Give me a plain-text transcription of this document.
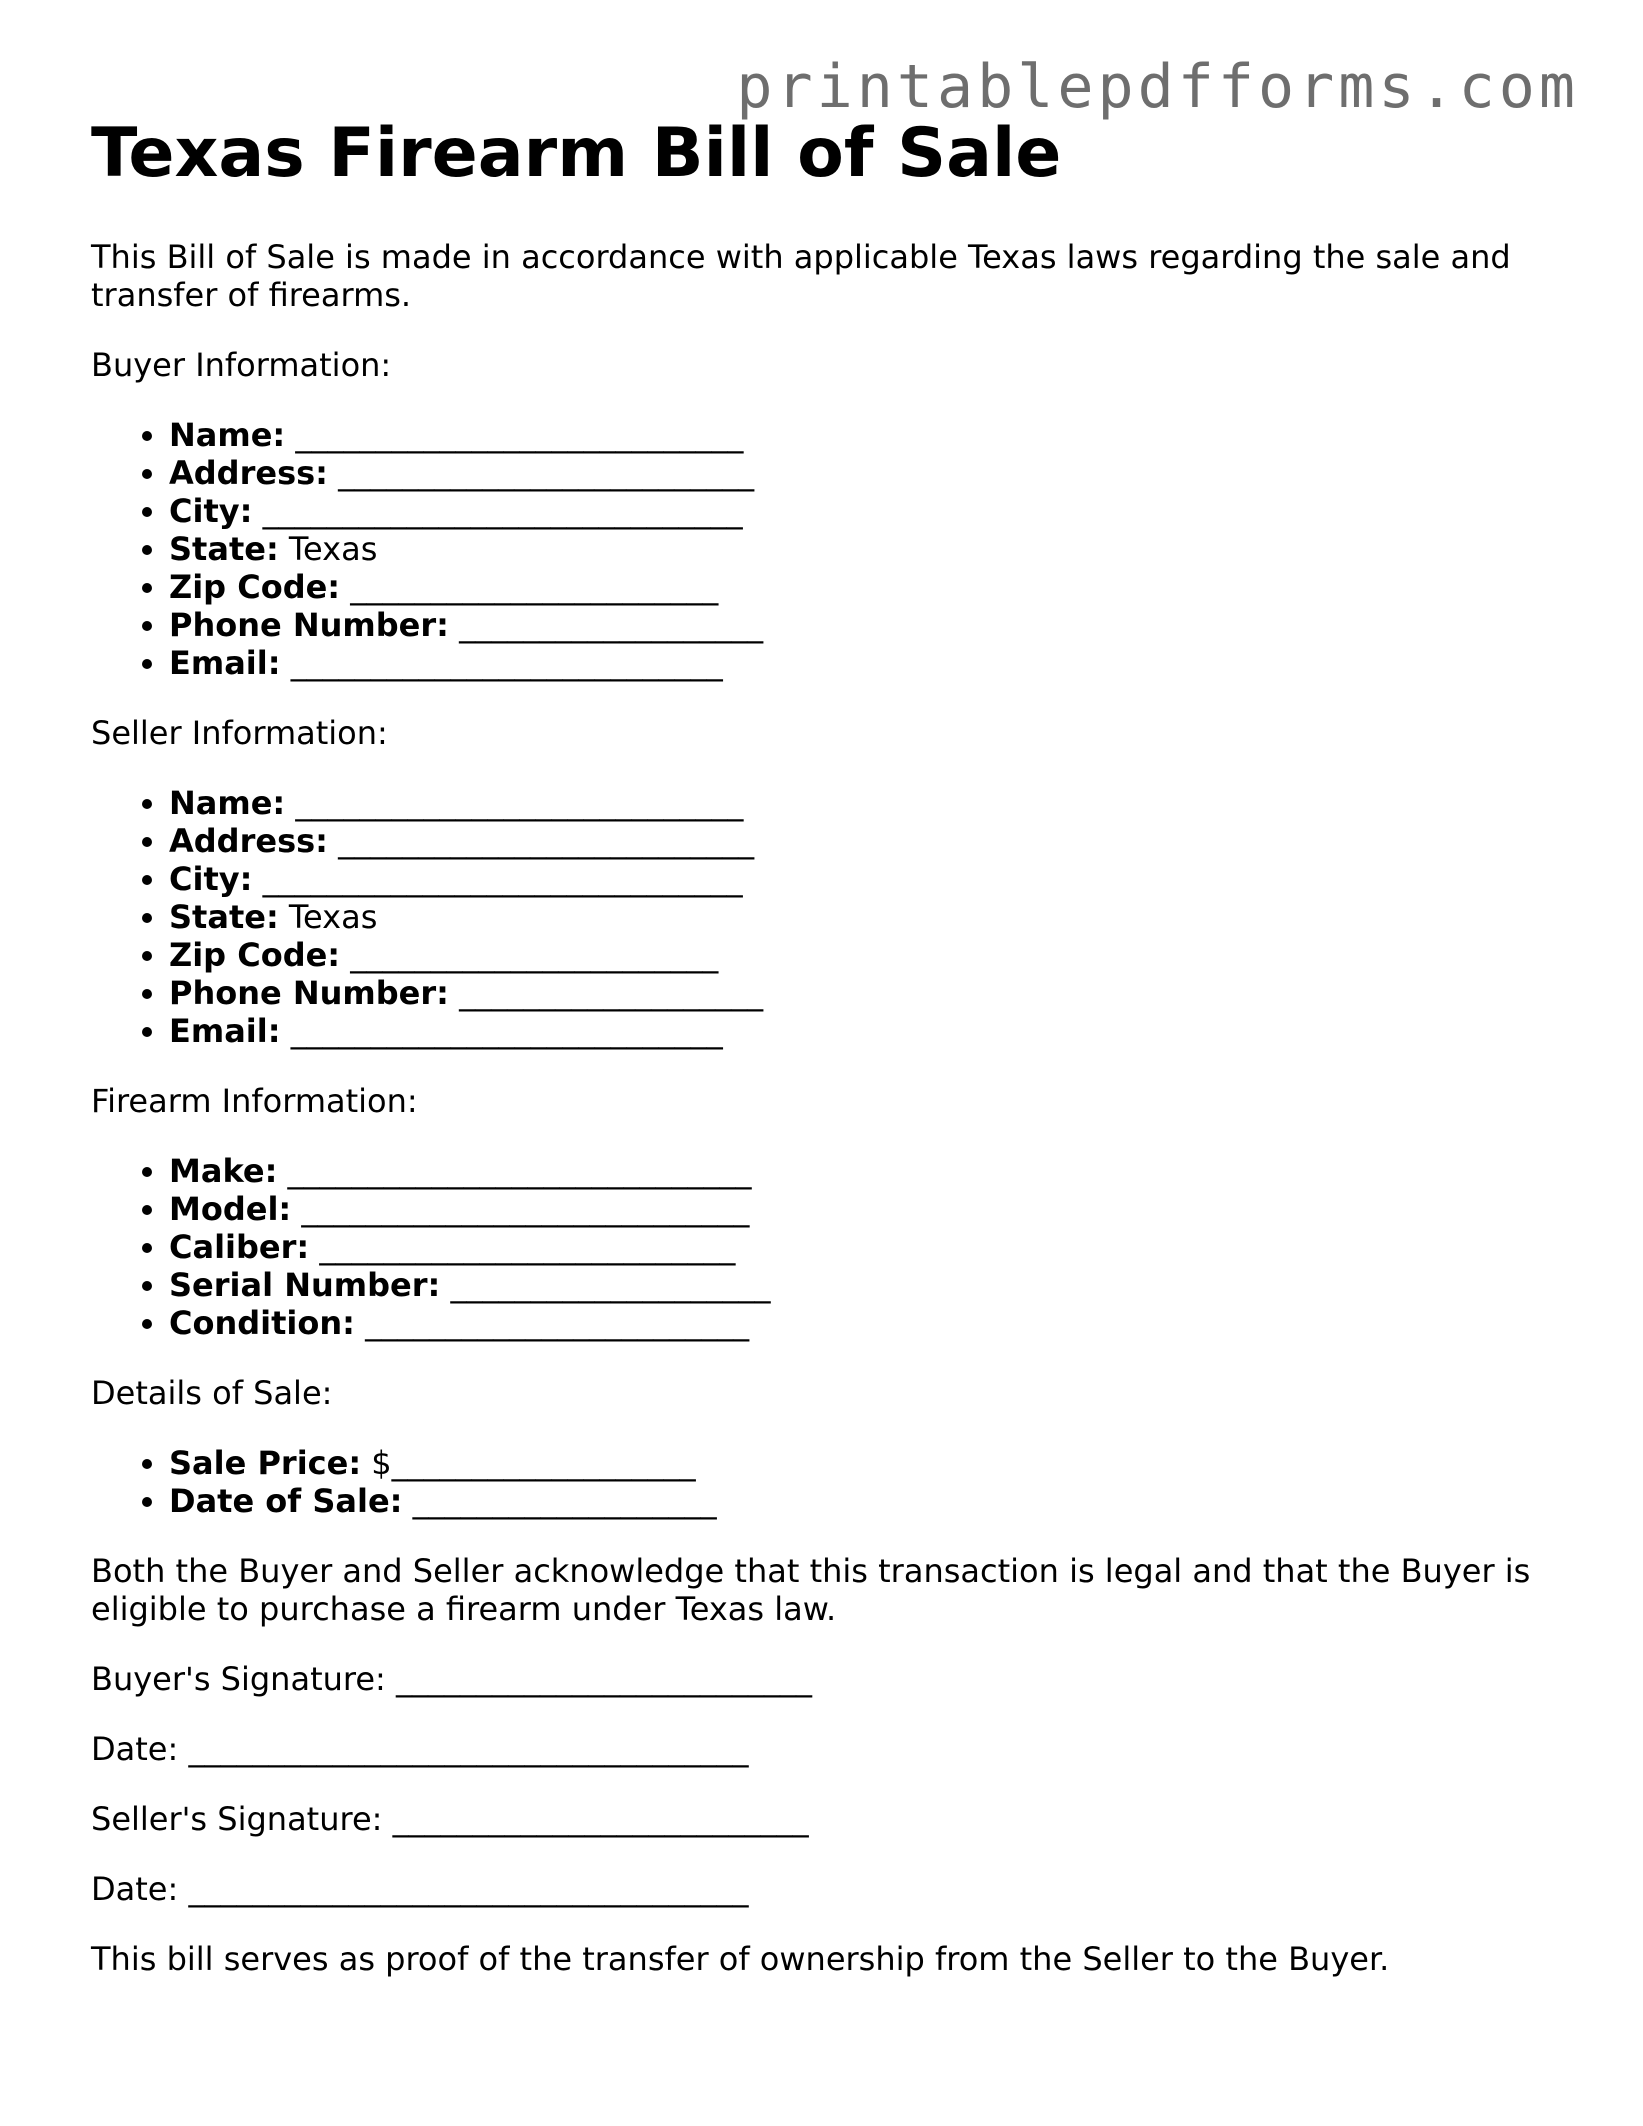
printablepdfforms.com
Texas Firearm Bill of Sale

This Bill of Sale is made in accordance with applicable Texas laws regarding the sale and transfer of firearms.

Buyer Information:

• Name: ____________________________
• Address: __________________________
• City: ______________________________
• State: Texas
• Zip Code: _______________________
• Phone Number: ___________________
• Email: ___________________________

Seller Information:

• Name: ____________________________
• Address: __________________________
• City: ______________________________
• State: Texas
• Zip Code: _______________________
• Phone Number: ___________________
• Email: ___________________________

Firearm Information:

• Make: _____________________________
• Model: ____________________________
• Caliber: __________________________
• Serial Number: ____________________
• Condition: ________________________

Details of Sale:

• Sale Price: $___________________
• Date of Sale: ___________________

Both the Buyer and Seller acknowledge that this transaction is legal and that the Buyer is eligible to purchase a firearm under Texas law.

Buyer's Signature: __________________________

Date: ___________________________________

Seller's Signature: __________________________

Date: ___________________________________

This bill serves as proof of the transfer of ownership from the Seller to the Buyer.
